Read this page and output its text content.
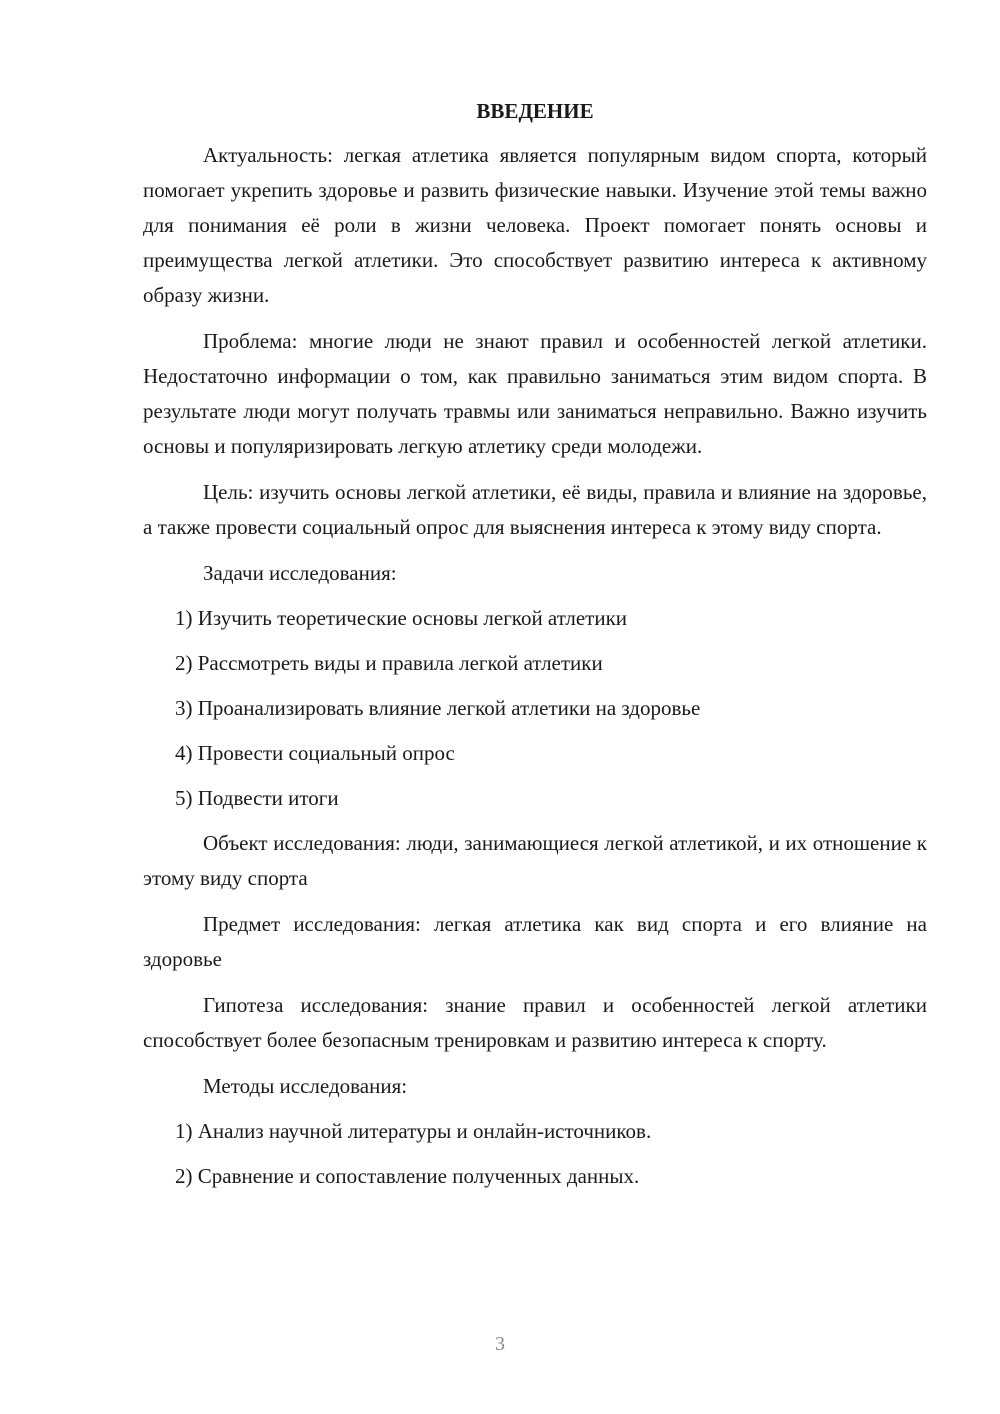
ВВЕДЕНИЕ

Актуальность: легкая атлетика является популярным видом спорта, который помогает укрепить здоровье и развить физические навыки. Изучение этой темы важно для понимания её роли в жизни человека. Проект помогает понять основы и преимущества легкой атлетики. Это способствует развитию интереса к активному образу жизни.

Проблема: многие люди не знают правил и особенностей легкой атлетики. Недостаточно информации о том, как правильно заниматься этим видом спорта. В результате люди могут получать травмы или заниматься неправильно. Важно изучить основы и популяризировать легкую атлетику среди молодежи.

Цель: изучить основы легкой атлетики, её виды, правила и влияние на здоровье, а также провести социальный опрос для выяснения интереса к этому виду спорта.

Задачи исследования:
1) Изучить теоретические основы легкой атлетики
2) Рассмотреть виды и правила легкой атлетики
3) Проанализировать влияние легкой атлетики на здоровье
4) Провести социальный опрос
5) Подвести итоги

Объект исследования: люди, занимающиеся легкой атлетикой, и их отношение к этому виду спорта

Предмет исследования: легкая атлетика как вид спорта и его влияние на здоровье

Гипотеза исследования: знание правил и особенностей легкой атлетики способствует более безопасным тренировкам и развитию интереса к спорту.

Методы исследования:
1) Анализ научной литературы и онлайн-источников.
2) Сравнение и сопоставление полученных данных.
3
